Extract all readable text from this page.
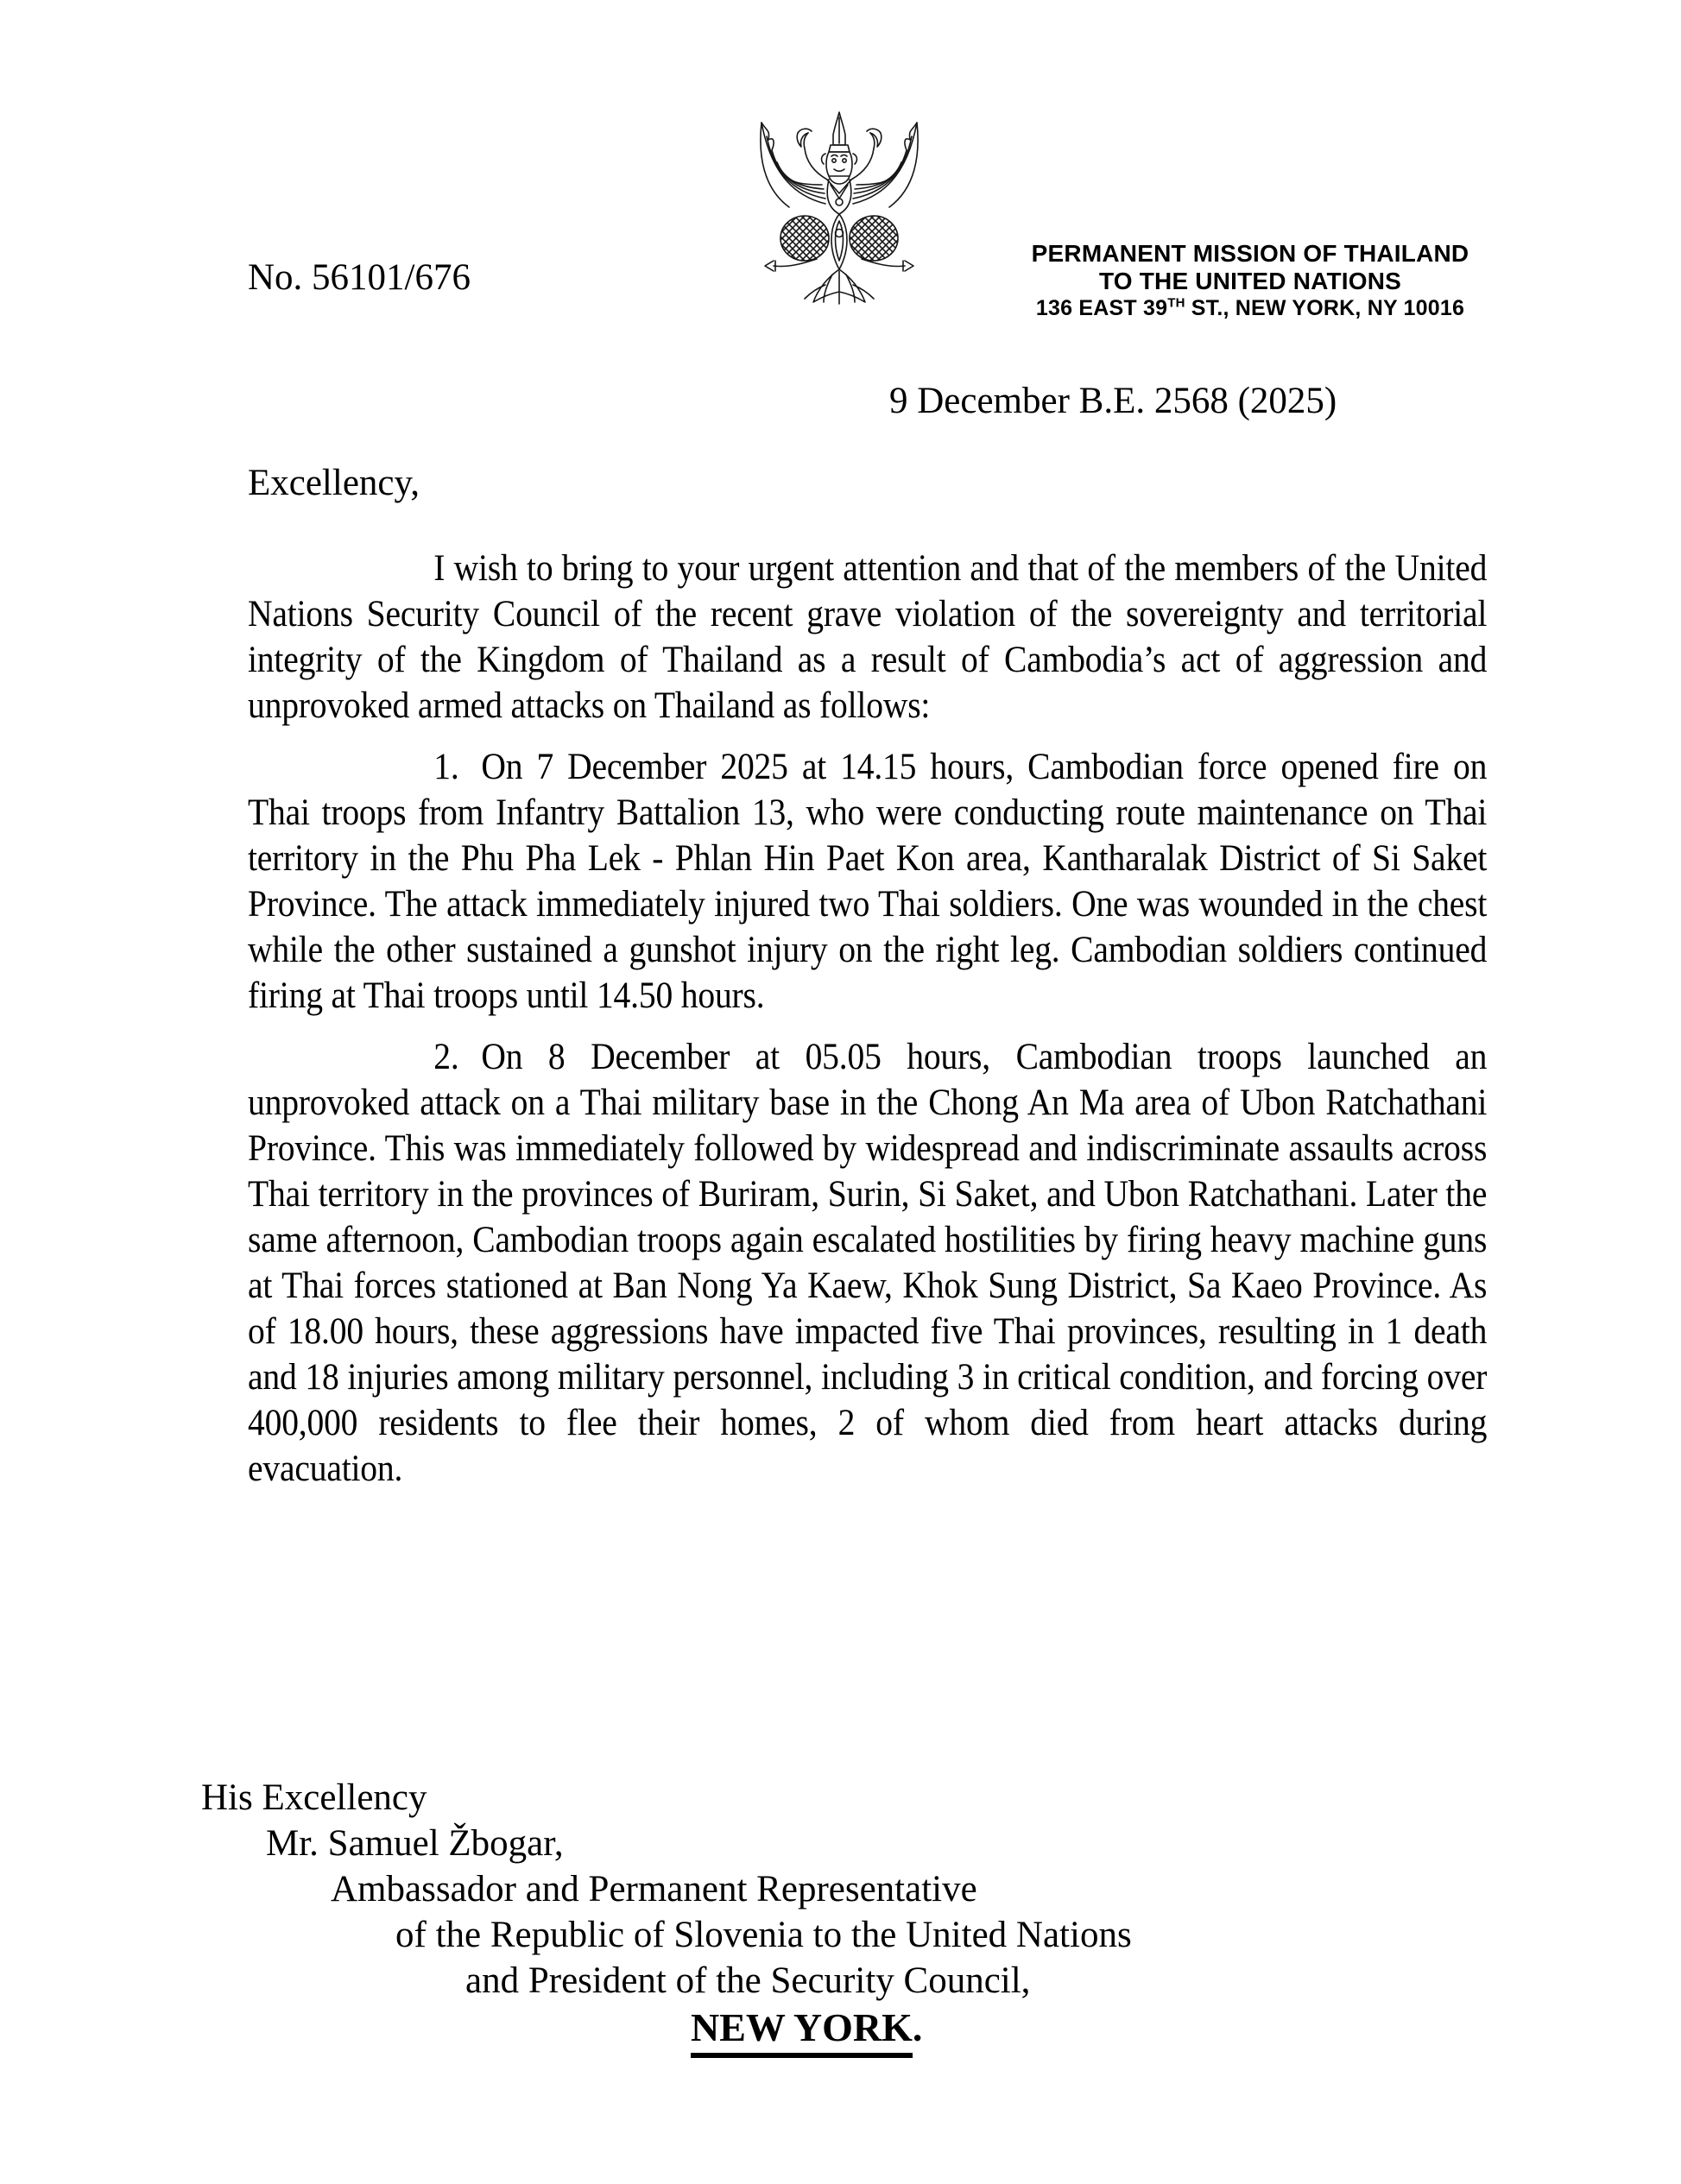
No. 56101/676
PERMANENT MISSION OF THAILAND
TO THE UNITED NATIONS
136 EAST 39TH ST., NEW YORK, NY 10016
9 December B.E. 2568 (2025)
Excellency,

I wish to bring to your urgent attention and that of the members of the United Nations Security Council of the recent grave violation of the sovereignty and territorial integrity of the Kingdom of Thailand as a result of Cambodia’s act of aggression and unprovoked armed attacks on Thailand as follows:

1. On 7 December 2025 at 14.15 hours, Cambodian force opened fire on Thai troops from Infantry Battalion 13, who were conducting route maintenance on Thai territory in the Phu Pha Lek - Phlan Hin Paet Kon area, Kantharalak District of Si Saket Province. The attack immediately injured two Thai soldiers. One was wounded in the chest while the other sustained a gunshot injury on the right leg. Cambodian soldiers continued firing at Thai troops until 14.50 hours.

2. On 8 December at 05.05 hours, Cambodian troops launched an unprovoked attack on a Thai military base in the Chong An Ma area of Ubon Ratchathani Province. This was immediately followed by widespread and indiscriminate assaults across Thai territory in the provinces of Buriram, Surin, Si Saket, and Ubon Ratchathani. Later the same afternoon, Cambodian troops again escalated hostilities by firing heavy machine guns at Thai forces stationed at Ban Nong Ya Kaew, Khok Sung District, Sa Kaeo Province. As of 18.00 hours, these aggressions have impacted five Thai provinces, resulting in 1 death and 18 injuries among military personnel, including 3 in critical condition, and forcing over 400,000 residents to flee their homes, 2 of whom died from heart attacks during evacuation.

His Excellency
Mr. Samuel Žbogar,
Ambassador and Permanent Representative
of the Republic of Slovenia to the United Nations
and President of the Security Council,
NEW YORK.
